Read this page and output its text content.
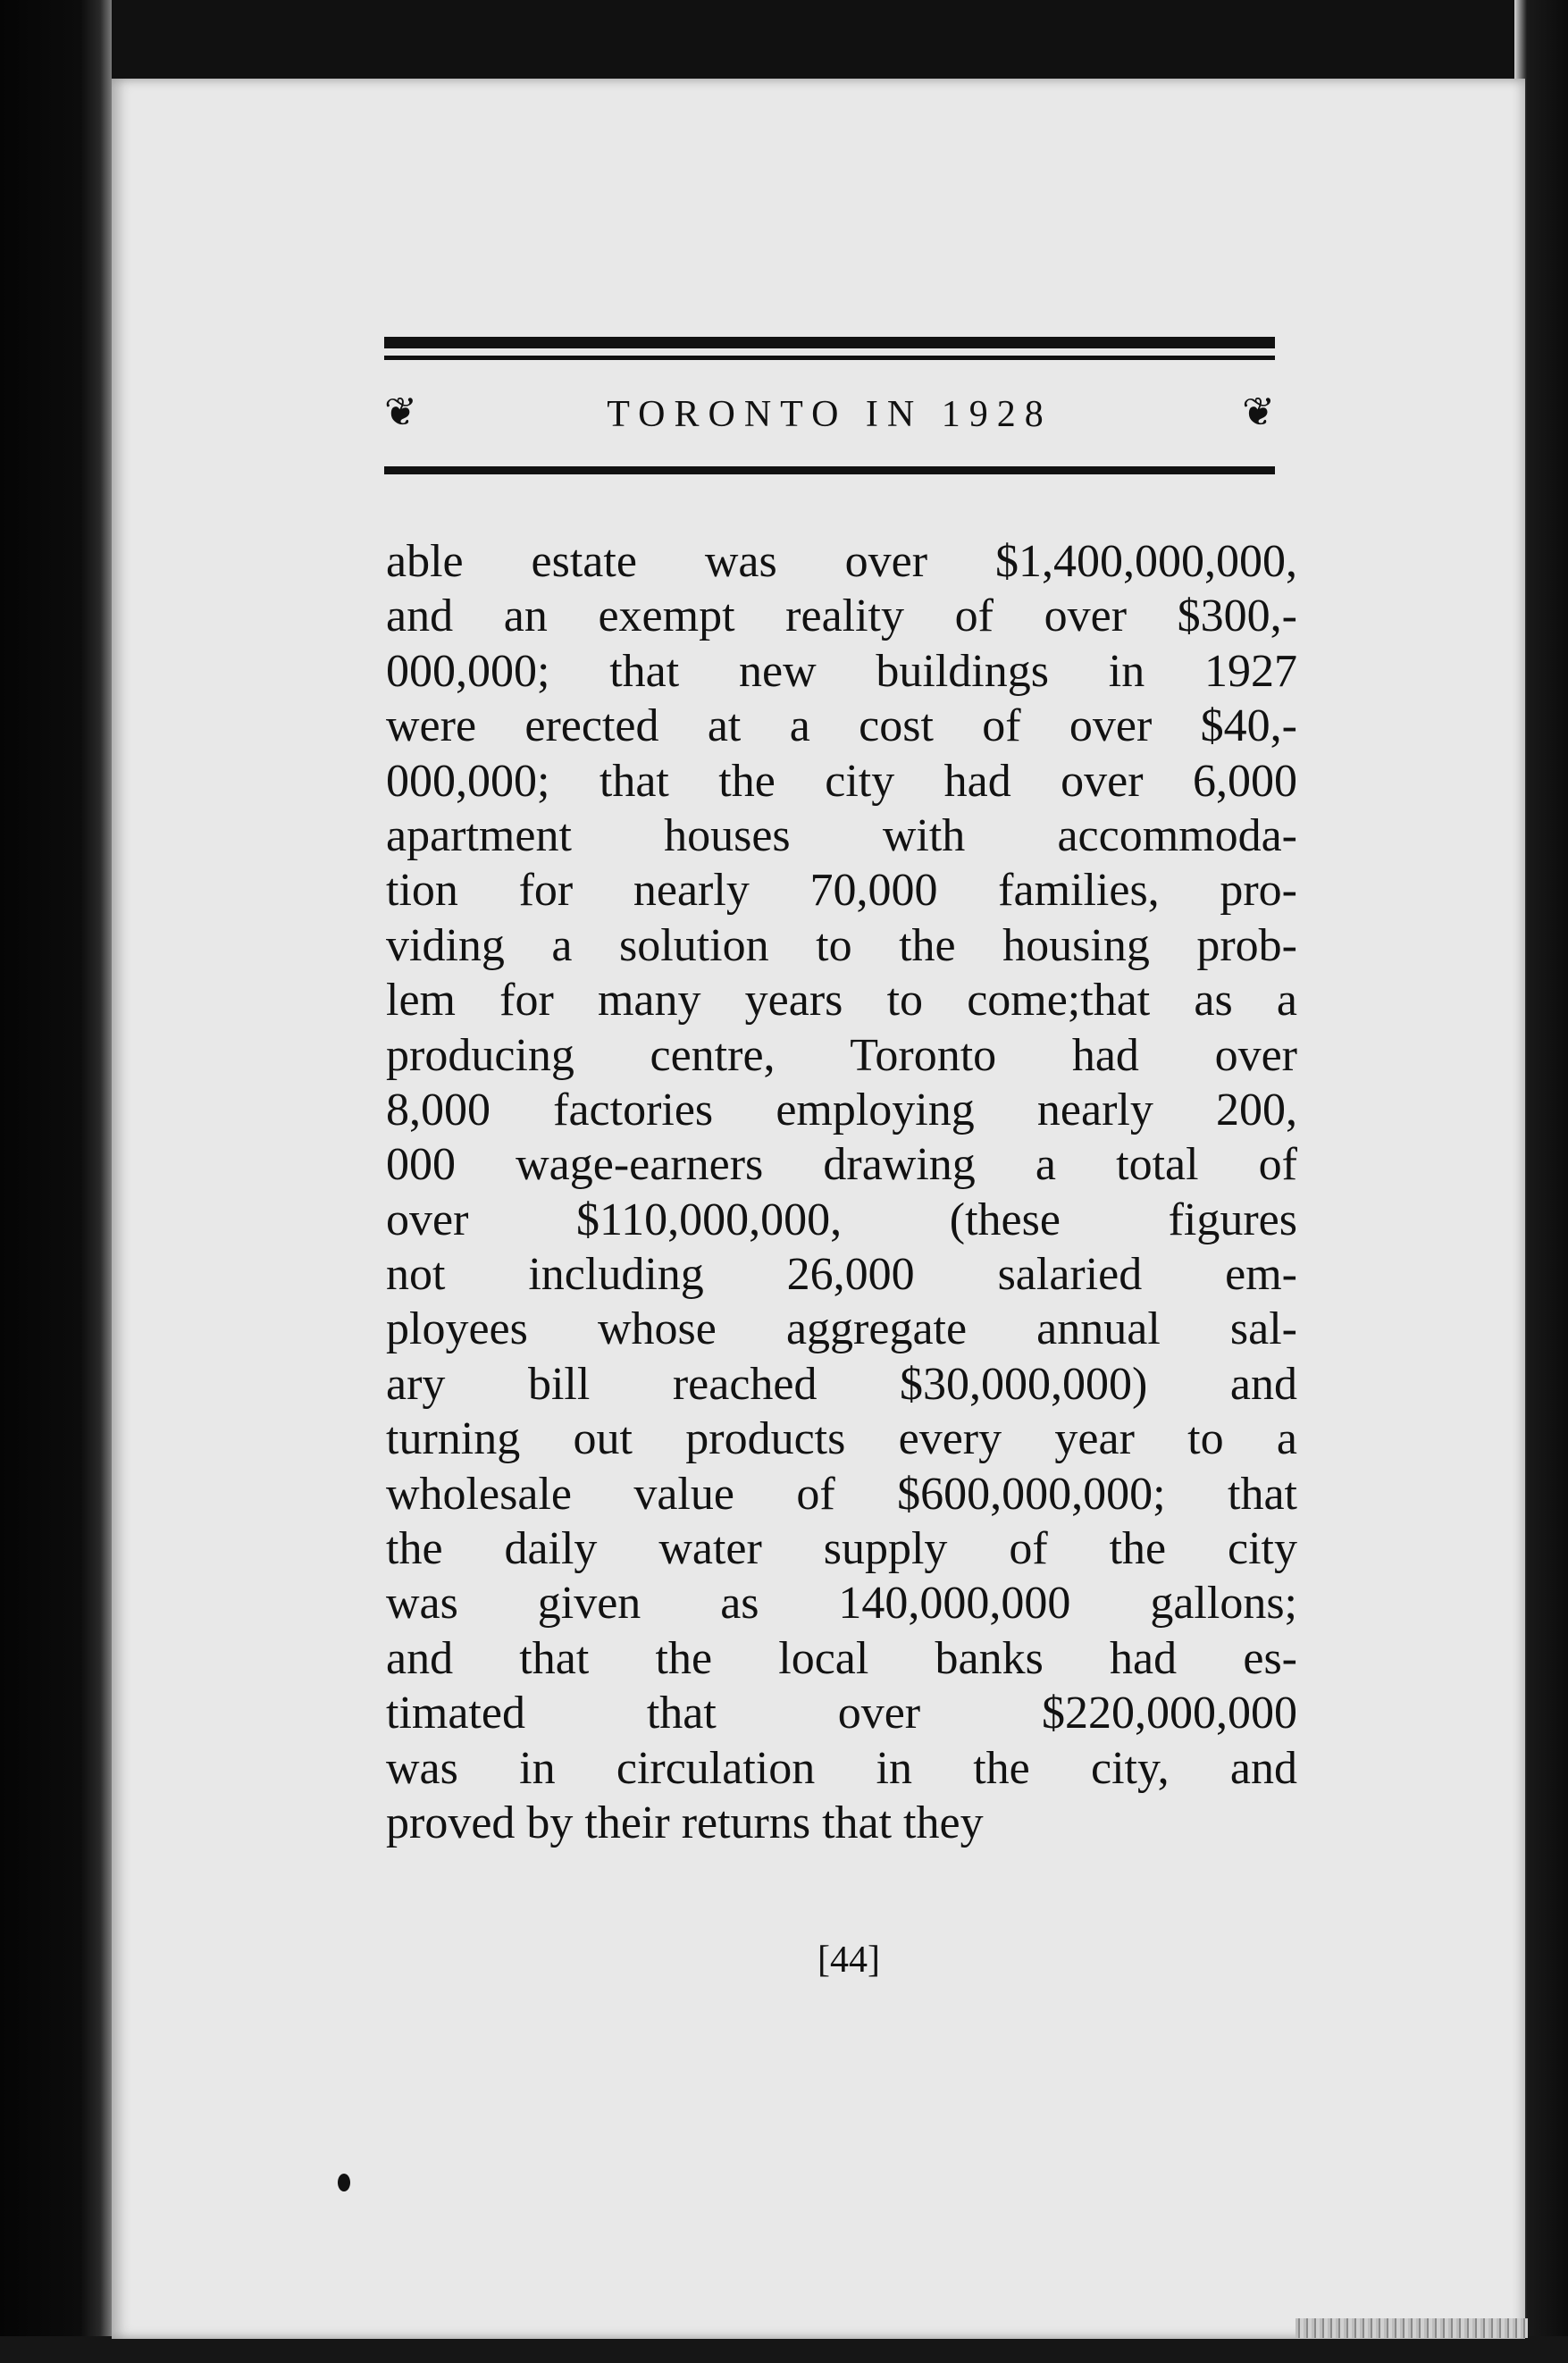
❦	TORONTO IN 1928	❦
able estate was over $1,400,000,000,
and an exempt reality of over $300,-
000,000; that new buildings in 1927
were erected at a cost of over $40,-
000,000; that the city had over 6,000
apartment houses with accommoda-
tion for nearly 70,000 families, pro-
viding a solution to the housing prob-
lem for many years to come;that as a
producing centre, Toronto had over
8,000 factories employing nearly 200,
000 wage-earners drawing a total of
over $110,000,000, (these figures
not including 26,000 salaried em-
ployees whose aggregate annual sal-
ary bill reached $30,000,000) and
turning out products every year to a
wholesale value of $600,000,000; that
the daily water supply of the city
was given as 140,000,000 gallons;
and that the local banks had es-
timated that over $220,000,000
was in circulation in the city, and
proved by their returns that they
[44]
